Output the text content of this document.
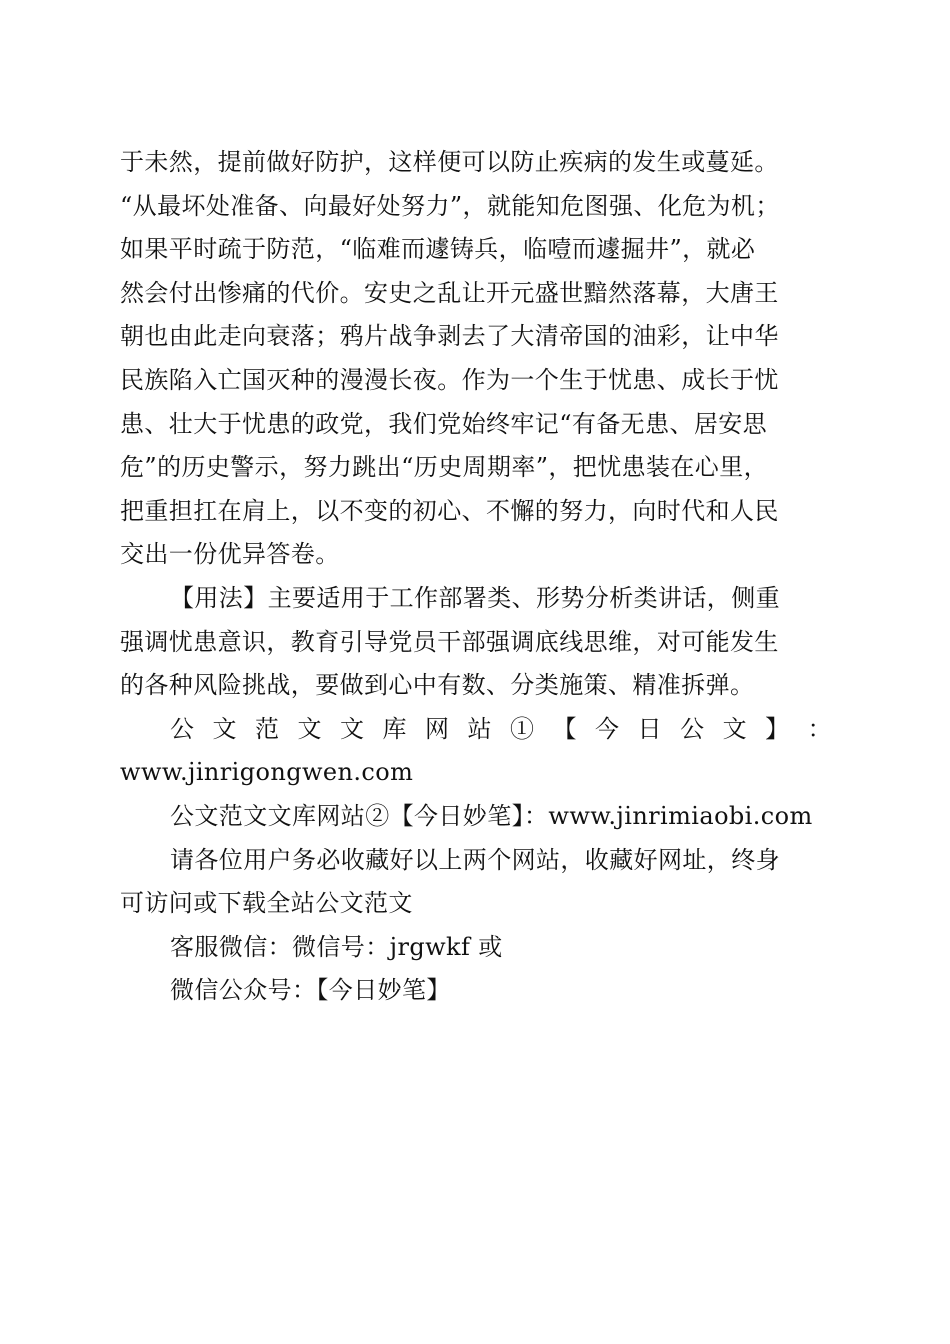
于未然，提前做好防护，这样便可以防止疾病的发生或蔓延。
“从最坏处准备、向最好处努力”，就能知危图强、化危为机；
如果平时疏于防范，“临难而遽铸兵，临噎而遽掘井”，就必
然会付出惨痛的代价。安史之乱让开元盛世黯然落幕，大唐王
朝也由此走向衰落；鸦片战争剥去了大清帝国的油彩，让中华
民族陷入亡国灭种的漫漫长夜。作为一个生于忧患、成长于忧
患、壮大于忧患的政党，我们党始终牢记“有备无患、居安思
危”的历史警示，努力跳出“历史周期率”，把忧患装在心里，
把重担扛在肩上，以不变的初心、不懈的努力，向时代和人民
交出一份优异答卷。
【用法】主要适用于工作部署类、形势分析类讲话，侧重
强调忧患意识，教育引导党员干部强调底线思维，对可能发生
的各种风险挑战，要做到心中有数、分类施策、精准拆弹。
公 文 范 文 文 库 网 站 ① 【 今 日 公 文 】 ：
www.jinrigongwen.com
公文范文文库网站②【今日妙笔】：www.jinrimiaobi.com
请各位用户务必收藏好以上两个网站，收藏好网址，终身
可访问或下载全站公文范文
客服微信：微信号：jrgwkf 或
微信公众号：【今日妙笔】
